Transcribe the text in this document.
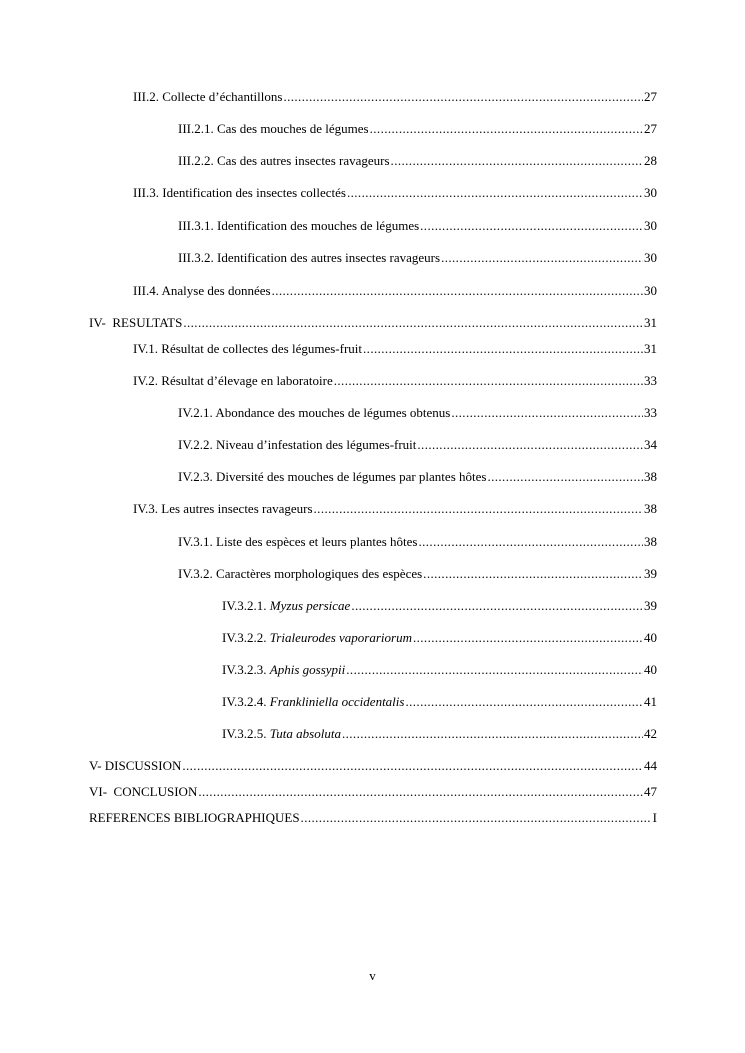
III.2. Collecte d’échantillons .....	27
III.2.1. Cas des mouches de légumes .....	27
III.2.2. Cas des autres insectes ravageurs .....	28
III.3. Identification des insectes collectés .....	30
III.3.1. Identification des mouches de légumes .....	30
III.3.2. Identification des autres insectes ravageurs .....	30
III.4. Analyse des données .....	30
IV-  RESULTATS .....	31
IV.1. Résultat de collectes des légumes-fruit .....	31
IV.2. Résultat d’élevage en laboratoire .....	33
IV.2.1. Abondance des mouches de légumes obtenus .....	33
IV.2.2. Niveau d’infestation des légumes-fruit .....	34
IV.2.3. Diversité des mouches de légumes par plantes hôtes .....	38
IV.3. Les autres insectes ravageurs .....	38
IV.3.1. Liste des espèces et leurs plantes hôtes .....	38
IV.3.2. Caractères morphologiques des espèces .....	39
IV.3.2.1. Myzus persicae .....	39
IV.3.2.2. Trialeurodes vaporariorum .....	40
IV.3.2.3. Aphis gossypii .....	40
IV.3.2.4. Frankliniella occidentalis .....	41
IV.3.2.5. Tuta absoluta .....	42
V- DISCUSSION .....	44
VI-  CONCLUSION .....	47
REFERENCES BIBLIOGRAPHIQUES .....	I
v
